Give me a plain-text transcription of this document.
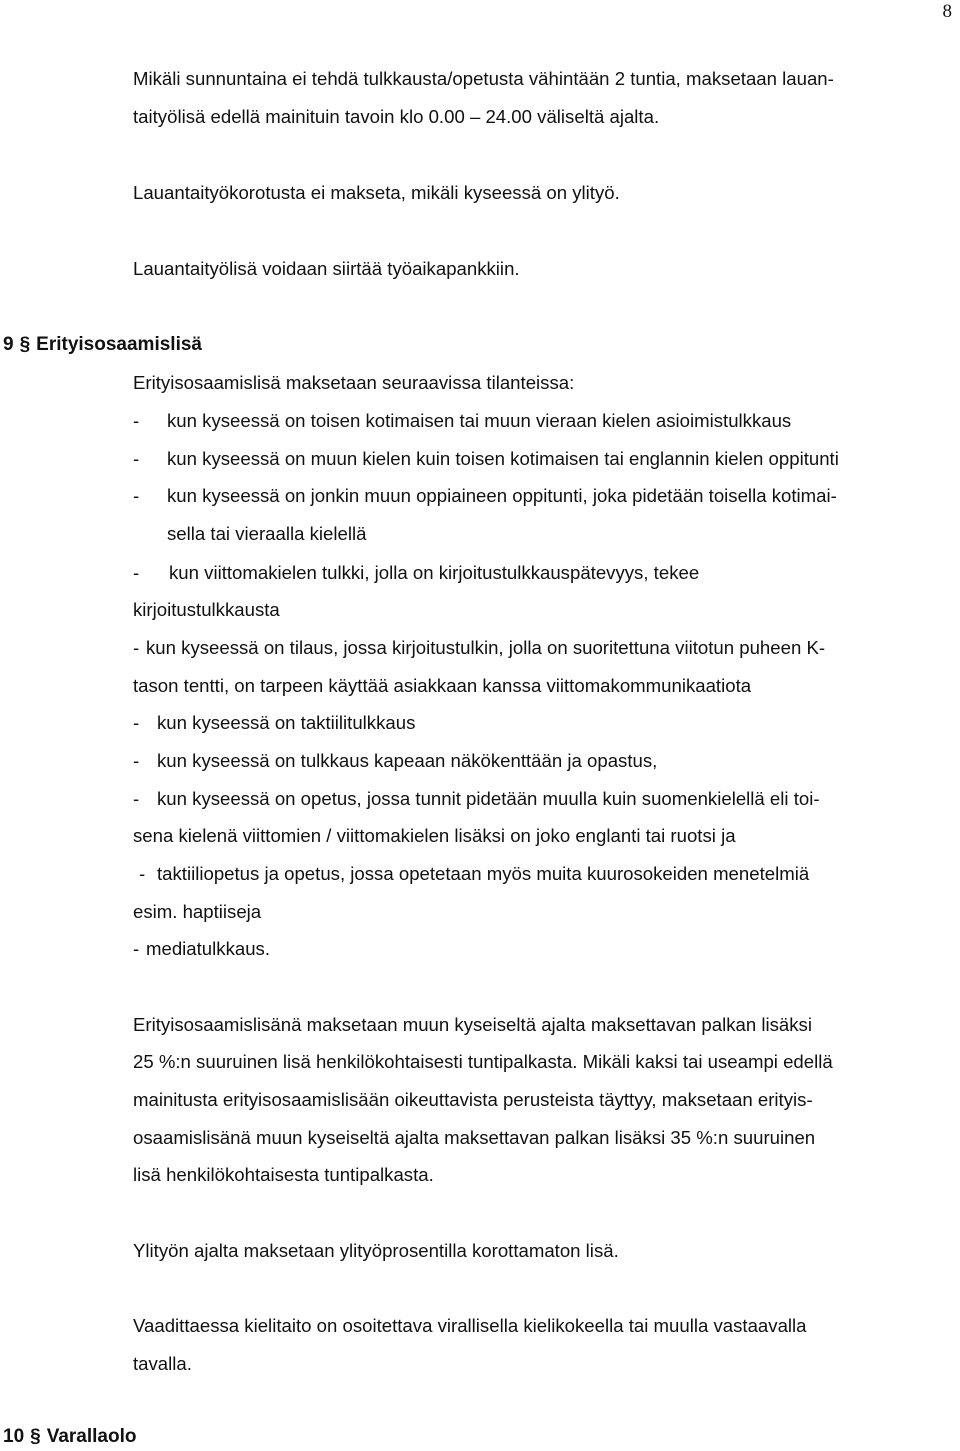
8
Mikäli sunnuntaina ei tehdä tulkkausta/opetusta vähintään 2 tuntia, maksetaan lauan-
taityölisä edellä mainituin tavoin klo 0.00 – 24.00 väliseltä ajalta.
Lauantaityökorotusta ei makseta, mikäli kyseessä on ylityö.
Lauantaityölisä voidaan siirtää työaikapankkiin.
9 § Erityisosaamislisä
Erityisosaamislisä maksetaan seuraavissa tilanteissa:
- kun kyseessä on toisen kotimaisen tai muun vieraan kielen asioimistulkkaus
- kun kyseessä on muun kielen kuin toisen kotimaisen tai englannin kielen oppitunti
- kun kyseessä on jonkin muun oppiaineen oppitunti, joka pidetään toisella kotimai-
sella tai vieraalla kielellä
- kun viittomakielen tulkki, jolla on kirjoitustulkkauspätevyys, tekee
kirjoitustulkkausta
- kun kyseessä on tilaus, jossa kirjoitustulkin, jolla on suoritettuna viitotun puheen K-
tason tentti, on tarpeen käyttää asiakkaan kanssa viittomakommunikaatiota
- kun kyseessä on taktiilitulkkaus
- kun kyseessä on tulkkaus kapeaan näkökenttään ja opastus,
- kun kyseessä on opetus, jossa tunnit pidetään muulla kuin suomenkielellä eli toi-
sena kielenä viittomien / viittomakielen lisäksi on joko englanti tai ruotsi ja
- taktiiliopetus ja opetus, jossa opetetaan myös muita kuurosokeiden menetelmiä
esim. haptiiseja
- mediatulkkaus.
Erityisosaamislisänä maksetaan muun kyseiseltä ajalta maksettavan palkan lisäksi
25 %:n suuruinen lisä henkilökohtaisesti tuntipalkasta. Mikäli kaksi tai useampi edellä
mainitusta erityisosaamislisään oikeuttavista perusteista täyttyy, maksetaan erityis-
osaamislisänä muun kyseiseltä ajalta maksettavan palkan lisäksi 35 %:n suuruinen
lisä henkilökohtaisesta tuntipalkasta.
Ylityön ajalta maksetaan ylityöprosentilla korottamaton lisä.
Vaadittaessa kielitaito on osoitettava virallisella kielikokeella tai muulla vastaavalla
tavalla.
10 § Varallaolo
